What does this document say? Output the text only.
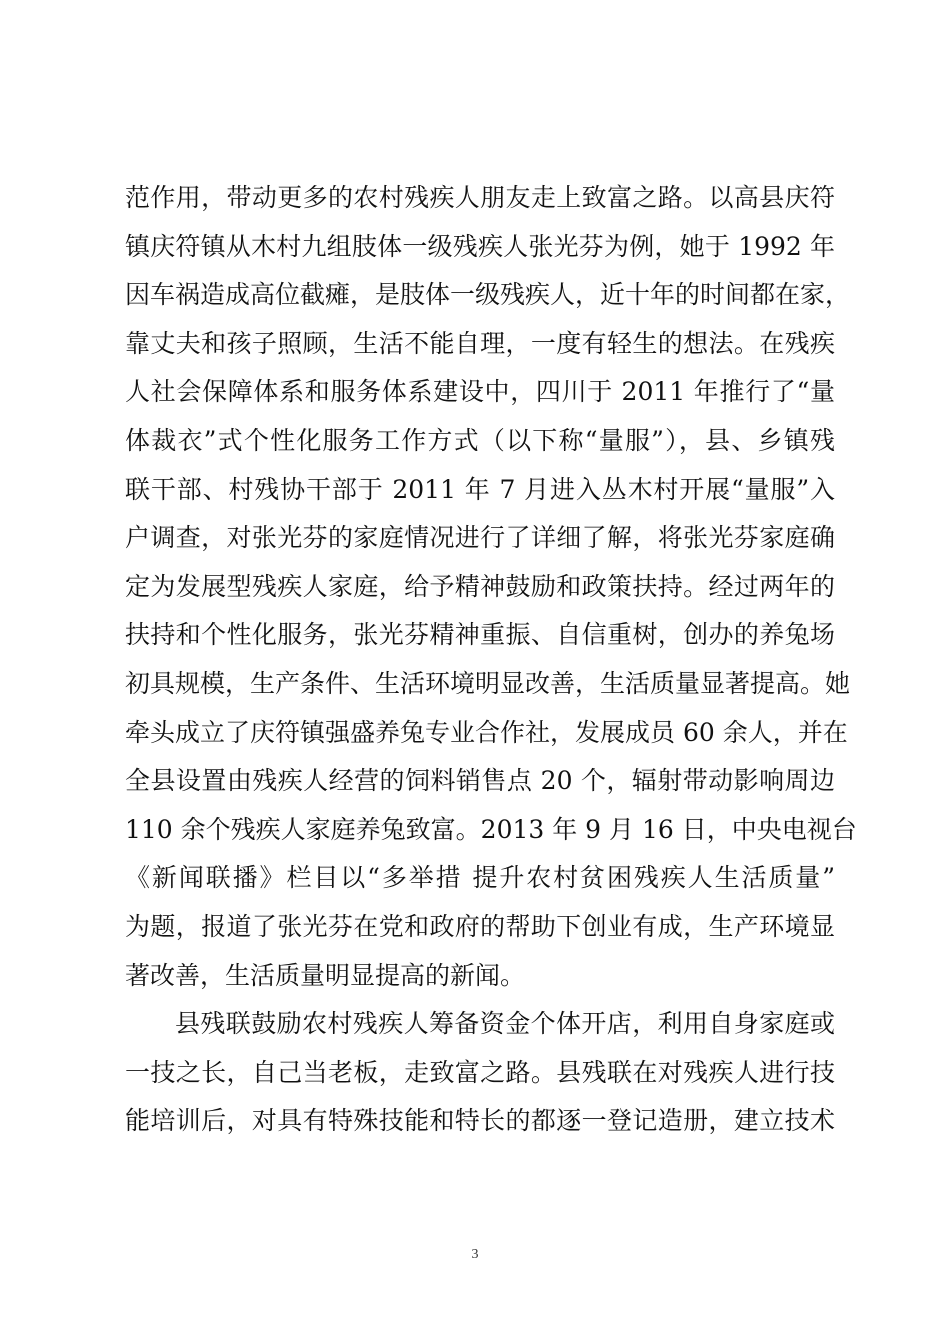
范作用，带动更多的农村残疾人朋友走上致富之路。以高县庆符
镇庆符镇从木村九组肢体一级残疾人张光芬为例，她于 1992 年
因车祸造成高位截瘫，是肢体一级残疾人，近十年的时间都在家，
靠丈夫和孩子照顾，生活不能自理，一度有轻生的想法。在残疾
人社会保障体系和服务体系建设中，四川于 2011 年推行了“量
体裁衣”式个性化服务工作方式（以下称“量服”），县、乡镇残
联干部、村残协干部于 2011 年 7 月进入丛木村开展“量服”入
户调查，对张光芬的家庭情况进行了详细了解，将张光芬家庭确
定为发展型残疾人家庭，给予精神鼓励和政策扶持。经过两年的
扶持和个性化服务，张光芬精神重振、自信重树，创办的养兔场
初具规模，生产条件、生活环境明显改善，生活质量显著提高。她
牵头成立了庆符镇强盛养兔专业合作社，发展成员 60 余人，并在
全县设置由残疾人经营的饲料销售点 20 个，辐射带动影响周边
110 余个残疾人家庭养兔致富。2013 年 9 月 16 日，中央电视台
《新闻联播》栏目以“多举措 提升农村贫困残疾人生活质量”
为题，报道了张光芬在党和政府的帮助下创业有成，生产环境显
著改善，生活质量明显提高的新闻。
县残联鼓励农村残疾人筹备资金个体开店，利用自身家庭或
一技之长，自己当老板，走致富之路。县残联在对残疾人进行技
能培训后，对具有特殊技能和特长的都逐一登记造册，建立技术
3
